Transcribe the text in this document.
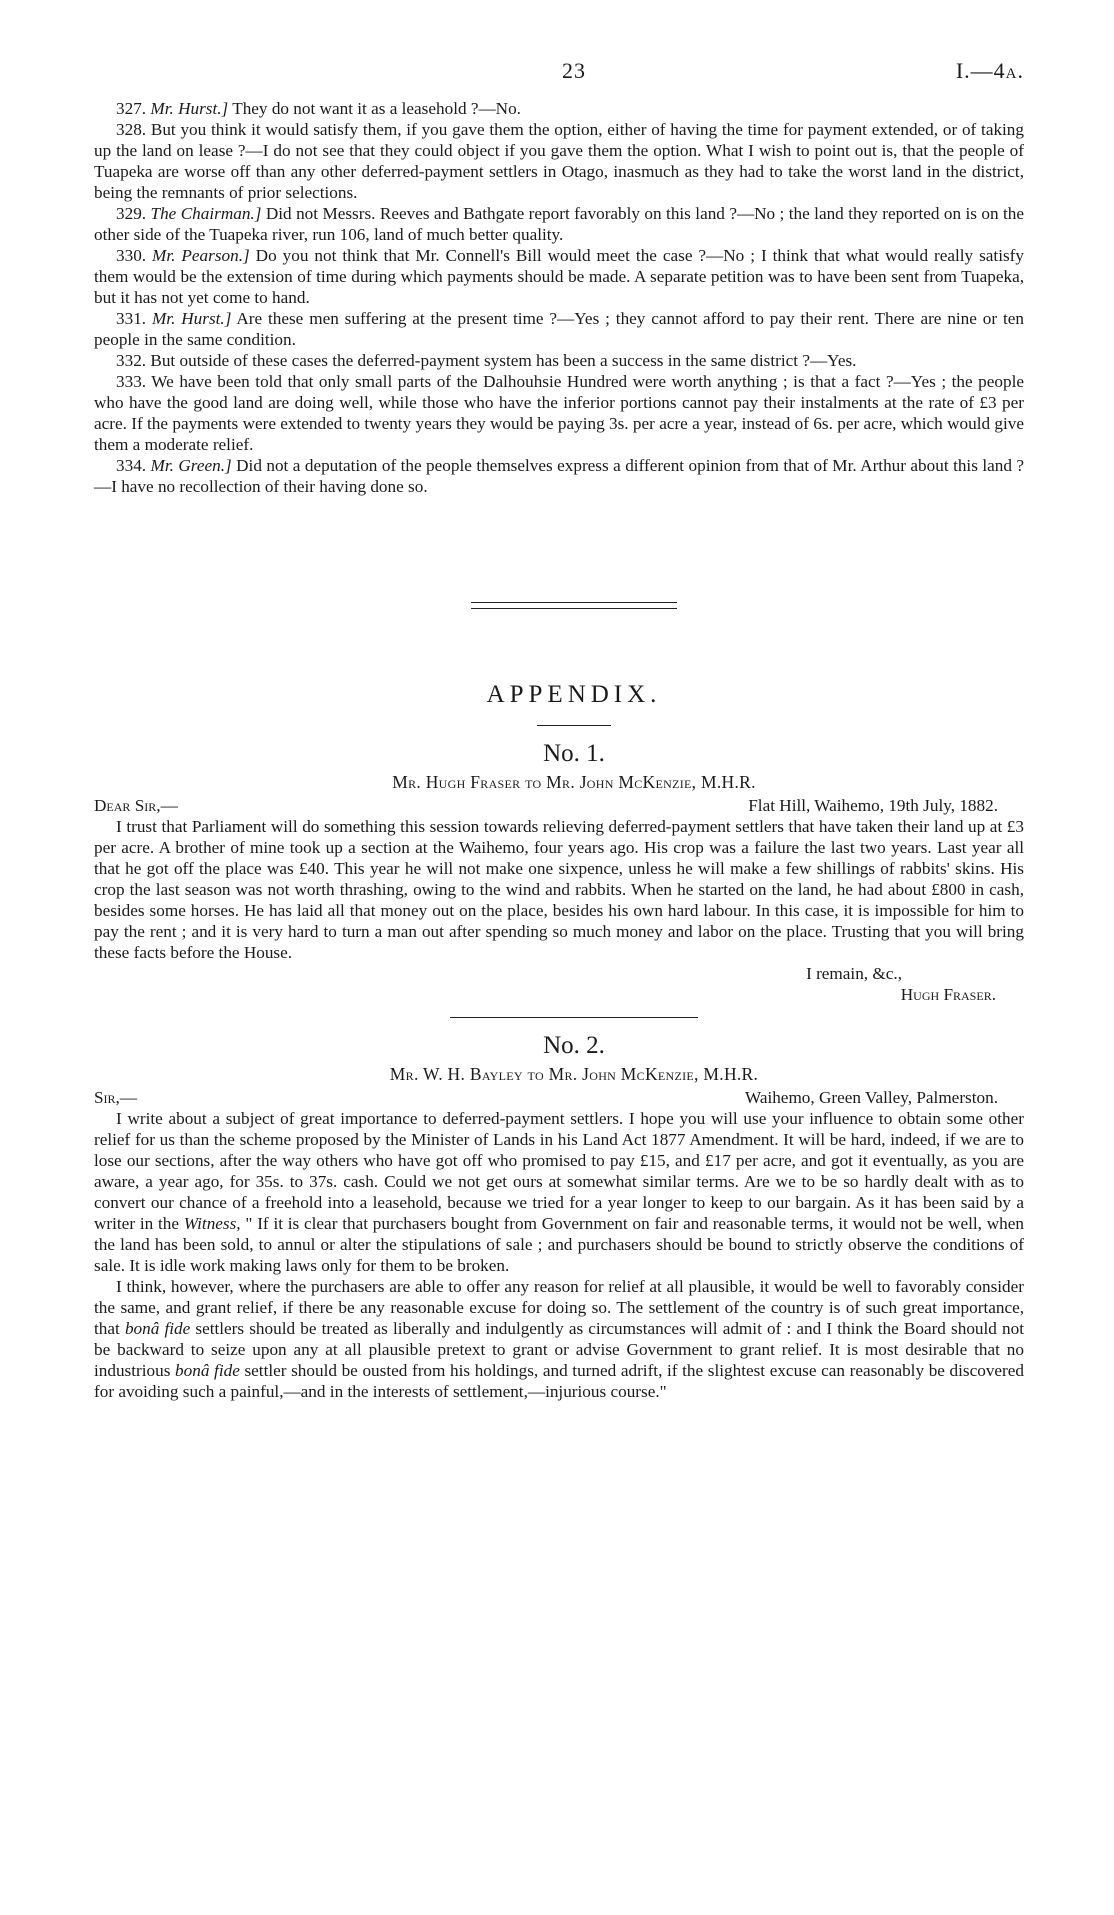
23	I.—4a.

327. Mr. Hurst.] They do not want it as a leasehold ?—No.

328. But you think it would satisfy them, if you gave them the option, either of having the time for payment extended, or of taking up the land on lease ?—I do not see that they could object if you gave them the option. What I wish to point out is, that the people of Tuapeka are worse off than any other deferred-payment settlers in Otago, inasmuch as they had to take the worst land in the district, being the remnants of prior selections.

329. The Chairman.] Did not Messrs. Reeves and Bathgate report favorably on this land ?—No ; the land they reported on is on the other side of the Tuapeka river, run 106, land of much better quality.

330. Mr. Pearson.] Do you not think that Mr. Connell's Bill would meet the case ?—No ; I think that what would really satisfy them would be the extension of time during which payments should be made. A separate petition was to have been sent from Tuapeka, but it has not yet come to hand.

331. Mr. Hurst.] Are these men suffering at the present time ?—Yes ; they cannot afford to pay their rent. There are nine or ten people in the same condition.

332. But outside of these cases the deferred-payment system has been a success in the same district ?—Yes.

333. We have been told that only small parts of the Dalhouhsie Hundred were worth anything ; is that a fact ?—Yes ; the people who have the good land are doing well, while those who have the inferior portions cannot pay their instalments at the rate of £3 per acre. If the payments were extended to twenty years they would be paying 3s. per acre a year, instead of 6s. per acre, which would give them a moderate relief.

334. Mr. Green.] Did not a deputation of the people themselves express a different opinion from that of Mr. Arthur about this land ?—I have no recollection of their having done so.

APPENDIX.
No. 1.
Mr. Hugh Fraser to Mr. John McKenzie, M.H.R.
Dear Sir,—	Flat Hill, Waihemo, 19th July, 1882.

I trust that Parliament will do something this session towards relieving deferred-payment settlers that have taken their land up at £3 per acre. A brother of mine took up a section at the Waihemo, four years ago. His crop was a failure the last two years. Last year all that he got off the place was £40. This year he will not make one sixpence, unless he will make a few shillings of rabbits' skins. His crop the last season was not worth thrashing, owing to the wind and rabbits. When he started on the land, he had about £800 in cash, besides some horses. He has laid all that money out on the place, besides his own hard labour. In this case, it is impossible for him to pay the rent ; and it is very hard to turn a man out after spending so much money and labor on the place. Trusting that you will bring these facts before the House.

I remain, &c.,
Hugh Fraser.
No. 2.
Mr. W. H. Bayley to Mr. John McKenzie, M.H.R.
Sir,—	Waihemo, Green Valley, Palmerston.

I write about a subject of great importance to deferred-payment settlers. I hope you will use your influence to obtain some other relief for us than the scheme proposed by the Minister of Lands in his Land Act 1877 Amendment. It will be hard, indeed, if we are to lose our sections, after the way others who have got off who promised to pay £15, and £17 per acre, and got it eventually, as you are aware, a year ago, for 35s. to 37s. cash. Could we not get ours at somewhat similar terms. Are we to be so hardly dealt with as to convert our chance of a freehold into a leasehold, because we tried for a year longer to keep to our bargain. As it has been said by a writer in the Witness, " If it is clear that purchasers bought from Government on fair and reasonable terms, it would not be well, when the land has been sold, to annul or alter the stipulations of sale ; and purchasers should be bound to strictly observe the conditions of sale. It is idle work making laws only for them to be broken.

I think, however, where the purchasers are able to offer any reason for relief at all plausible, it would be well to favorably consider the same, and grant relief, if there be any reasonable excuse for doing so. The settlement of the country is of such great importance, that bonâ fide settlers should be treated as liberally and indulgently as circumstances will admit of : and I think the Board should not be backward to seize upon any at all plausible pretext to grant or advise Government to grant relief. It is most desirable that no industrious bonâ fide settler should be ousted from his holdings, and turned adrift, if the slightest excuse can reasonably be discovered for avoiding such a painful,—and in the interests of settlement,—injurious course."
